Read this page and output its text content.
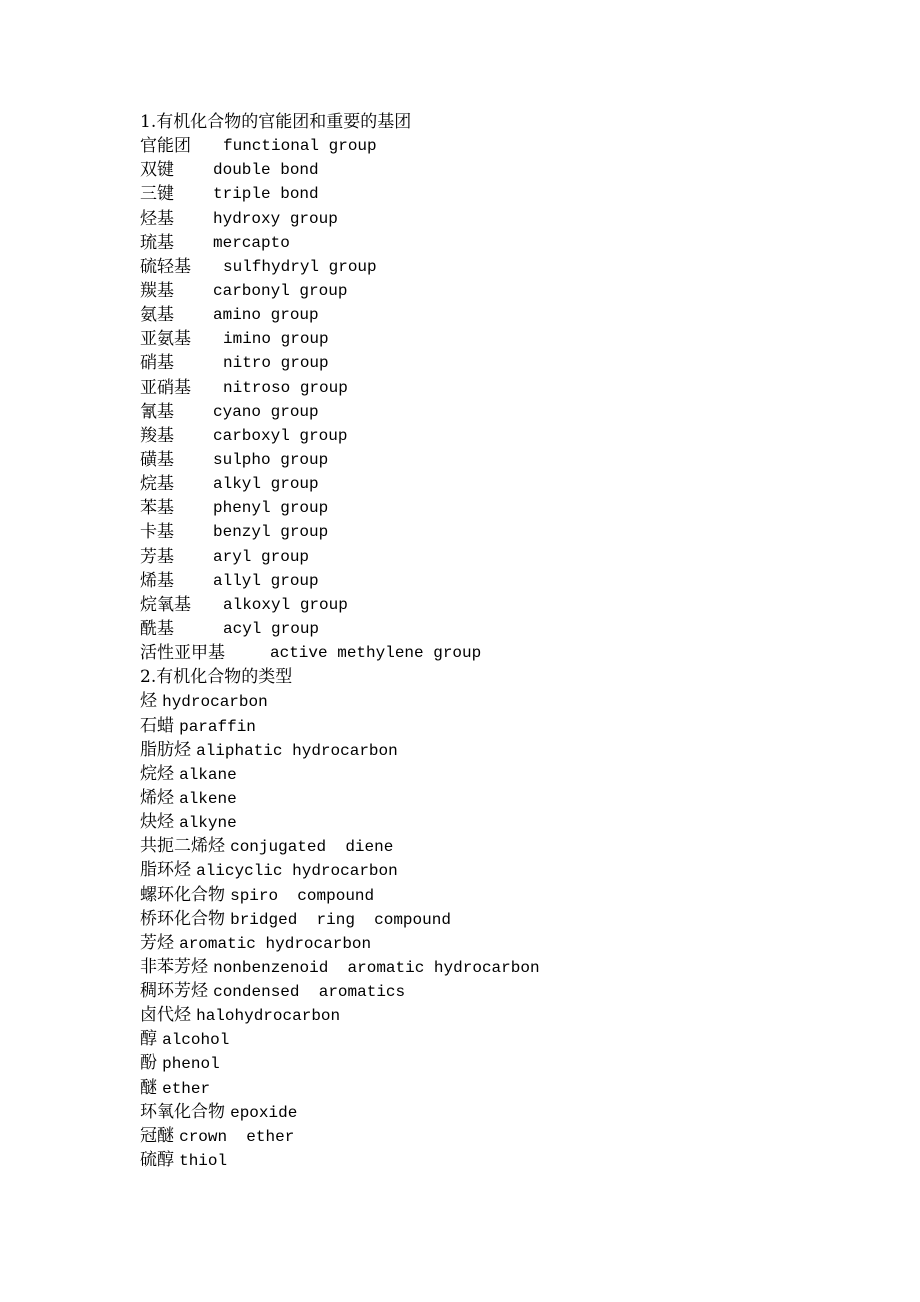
1.有机化合物的官能团和重要的基团
官能团 functional group
双键 double bond
三键 triple bond
烃基 hydroxy group
琉基 mercapto
硫轻基 sulfhydryl group
羰基 carbonyl group
氨基 amino group
亚氨基 imino group
硝基	nitro group
亚硝基 nitroso group
氰基 cyano group
羧基 carboxyl group
磺基 sulpho group
烷基 alkyl group
苯基 phenyl group
卡基 benzyl group
芳基 aryl group
烯基 allyl group
烷氧基 alkoxyl group
酰基	acyl group
活性亚甲基	active methylene group
2.有机化合物的类型
烃 hydrocarbon
石蜡 paraffin
脂肪烃 aliphatic hydrocarbon
烷烃 alkane
烯烃 alkene
炔烃 alkyne
共扼二烯烃 conjugated  diene
脂环烃 alicyclic hydrocarbon
螺环化合物 spiro  compound
桥环化合物 bridged  ring  compound
芳烃 aromatic hydrocarbon
非苯芳烃 nonbenzenoid  aromatic hydrocarbon
稠环芳烃 condensed  aromatics
卤代烃 halohydrocarbon
醇 alcohol
酚 phenol
醚 ether
环氧化合物 epoxide
冠醚 crown  ether
硫醇 thiol
